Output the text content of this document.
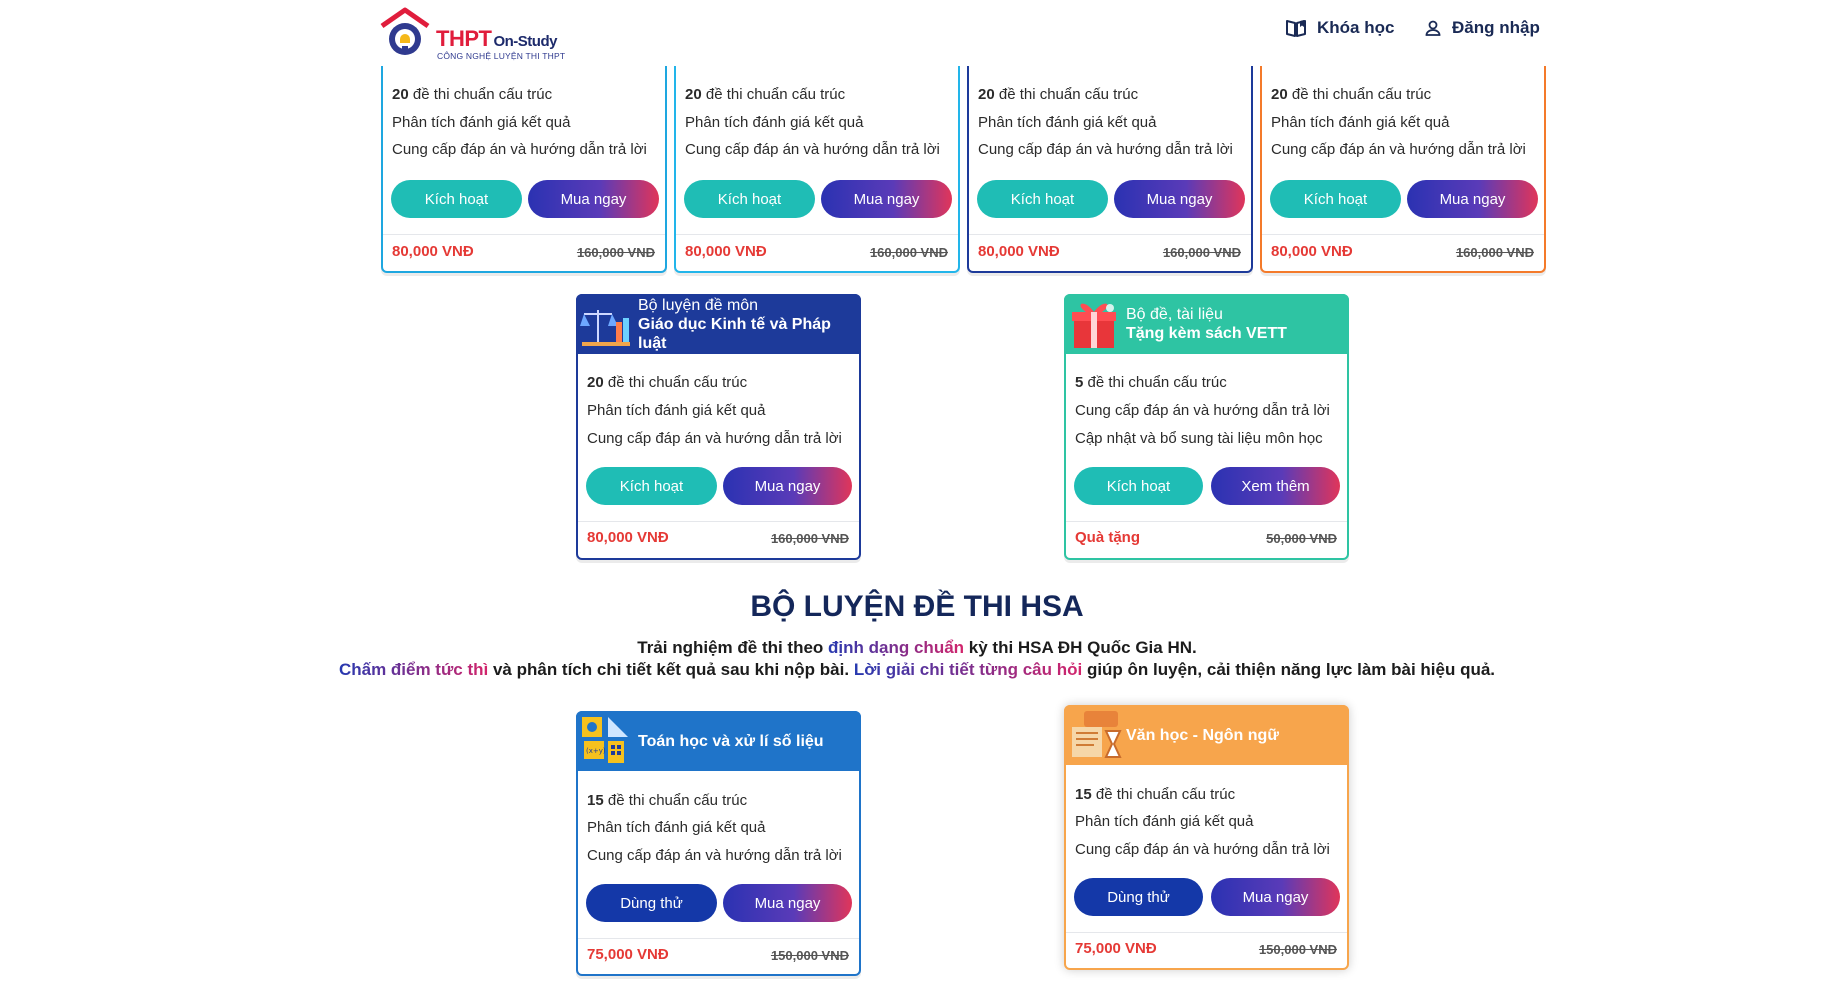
THPT On-Study
CÔNG NGHỆ LUYỆN THI THPT
Khóa học	Đăng nhập
20 đề thi chuẩn cấu trúc
Phân tích đánh giá kết quả
Cung cấp đáp án và hướng dẫn trả lời
Kích hoạt	Mua ngay
80,000 VNĐ	160,000 VNĐ
20 đề thi chuẩn cấu trúc
Phân tích đánh giá kết quả
Cung cấp đáp án và hướng dẫn trả lời
Kích hoạt	Mua ngay
80,000 VNĐ	160,000 VNĐ
20 đề thi chuẩn cấu trúc
Phân tích đánh giá kết quả
Cung cấp đáp án và hướng dẫn trả lời
Kích hoạt	Mua ngay
80,000 VNĐ	160,000 VNĐ
20 đề thi chuẩn cấu trúc
Phân tích đánh giá kết quả
Cung cấp đáp án và hướng dẫn trả lời
Kích hoạt	Mua ngay
80,000 VNĐ	160,000 VNĐ
Bộ luyện đề môn
Giáo dục Kinh tế và Pháp luật
20 đề thi chuẩn cấu trúc
Phân tích đánh giá kết quả
Cung cấp đáp án và hướng dẫn trả lời
Kích hoạt	Mua ngay
80,000 VNĐ	160,000 VNĐ
Bộ đề, tài liệu
Tặng kèm sách VETT
5 đề thi chuẩn cấu trúc
Cung cấp đáp án và hướng dẫn trả lời
Cập nhật và bổ sung tài liệu môn học
Kích hoạt	Xem thêm
Quà tặng	50,000 VNĐ
BỘ LUYỆN ĐỀ THI HSA
Trải nghiệm đề thi theo định dạng chuẩn kỳ thi HSA ĐH Quốc Gia HN.
Chấm điểm tức thì và phân tích chi tiết kết quả sau khi nộp bài. Lời giải chi tiết từng câu hỏi giúp ôn luyện, cải thiện năng lực làm bài hiệu quả.
(x+y)
Toán học và xử lí số liệu
15 đề thi chuẩn cấu trúc
Phân tích đánh giá kết quả
Cung cấp đáp án và hướng dẫn trả lời
Dùng thử	Mua ngay
75,000 VNĐ	150,000 VNĐ
Văn học - Ngôn ngữ
15 đề thi chuẩn cấu trúc
Phân tích đánh giá kết quả
Cung cấp đáp án và hướng dẫn trả lời
Dùng thử	Mua ngay
75,000 VNĐ	150,000 VNĐ
